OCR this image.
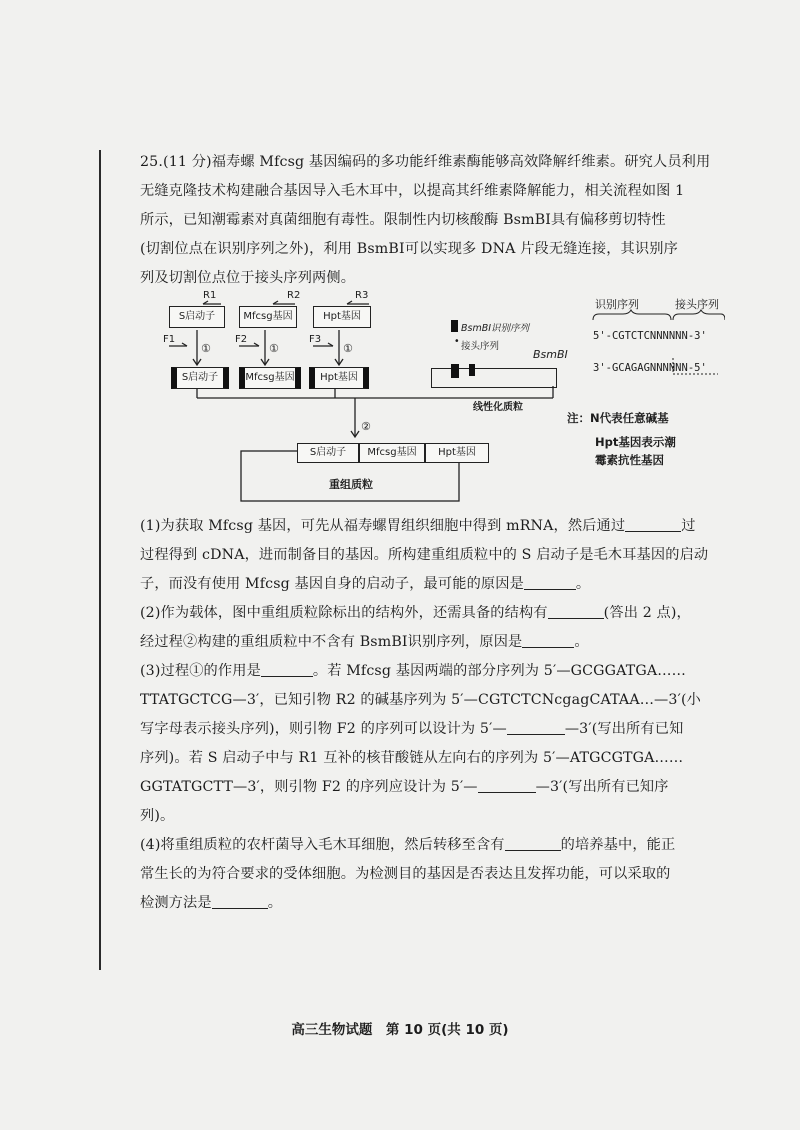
25.(11 分)福寿螺 Mfcsg 基因编码的多功能纤维素酶能够高效降解纤维素。研究人员利用

无缝克隆技术构建融合基因导入毛木耳中，以提高其纤维素降解能力，相关流程如图 1

所示，已知潮霉素对真菌细胞有毒性。限制性内切核酸酶 BsmBⅠ具有偏移剪切特性

(切割位点在识别序列之外)，利用 BsmBⅠ可以实现多 DNA 片段无缝连接，其识别序

列及切割位点位于接头序列两侧。

S启动子	Mfcsg基因	Hpt基因
R1	R2	R3
F1	F2	F3
①	①	①
S启动子	Mfcsg基因	Hpt基因
线性化质粒
BsmBⅠ识别序列
• 接头序列
②
S启动子	Mfcsg基因	Hpt基因
重组质粒
识别序列	接头序列
BsmBⅠ
5'-CGTCTCNNNNNN-3'
3'-GCAGAGNNNNNN-5'
注：N代表任意碱基
Hpt基因表示潮
霉素抗性基因

(1)为获取 Mfcsg 基因，可先从福寿螺胃组织细胞中得到 mRNA，然后通过	过

过程得到 cDNA，进而制备目的基因。所构建重组质粒中的 S 启动子是毛木耳基因的启动

子，而没有使用 Mfcsg 基因自身的启动子，最可能的原因是	。

(2)作为载体，图中重组质粒除标出的结构外，还需具备的结构有	(答出 2 点)，

经过程②构建的重组质粒中不含有 BsmBⅠ识别序列，原因是	。

(3)过程①的作用是	。若 Mfcsg 基因两端的部分序列为 5′—GCGGATGA……

TTATGCTCG—3′，已知引物 R2 的碱基序列为 5′—CGTCTCNcgagCATAA…—3′(小

写字母表示接头序列)，则引物 F2 的序列可以设计为 5′—	—3′(写出所有已知

序列)。若 S 启动子中与 R1 互补的核苷酸链从左向右的序列为 5′—ATGCGTGA……

GGTATGCTT—3′，则引物 F2 的序列应设计为 5′—	—3′(写出所有已知序

列)。

(4)将重组质粒的农杆菌导入毛木耳细胞，然后转移至含有	的培养基中，能正

常生长的为符合要求的受体细胞。为检测目的基因是否表达且发挥功能，可以采取的

检测方法是	。

高三生物试题　第 10 页(共 10 页)
